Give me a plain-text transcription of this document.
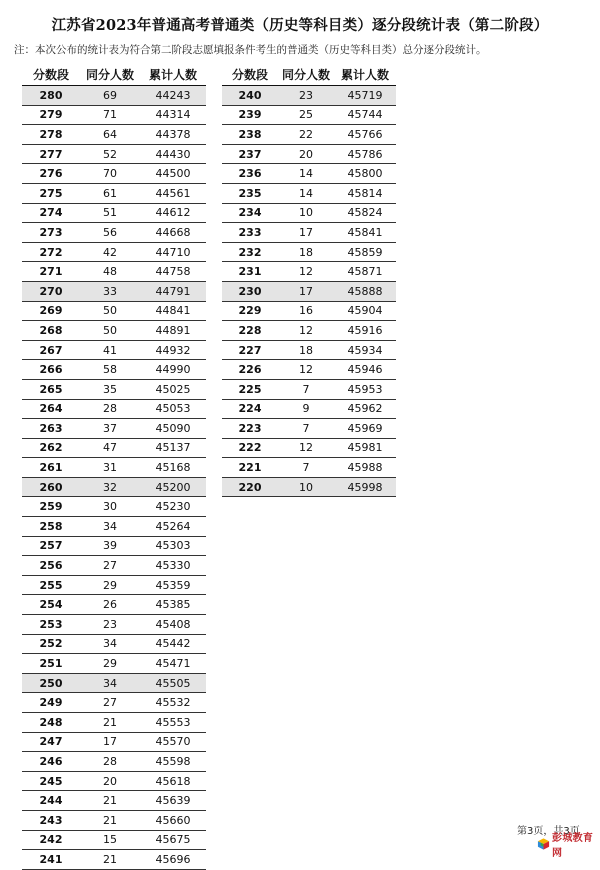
江苏省2023年普通高考普通类（历史等科目类）逐分段统计表（第二阶段）
注：本次公布的统计表为符合第二阶段志愿填报条件考生的普通类（历史等科目类）总分逐分段统计。
分数段	同分人数	累计人数
280	69	44243
279	71	44314
278	64	44378
277	52	44430
276	70	44500
275	61	44561
274	51	44612
273	56	44668
272	42	44710
271	48	44758
270	33	44791
269	50	44841
268	50	44891
267	41	44932
266	58	44990
265	35	45025
264	28	45053
263	37	45090
262	47	45137
261	31	45168
260	32	45200
259	30	45230
258	34	45264
257	39	45303
256	27	45330
255	29	45359
254	26	45385
253	23	45408
252	34	45442
251	29	45471
250	34	45505
249	27	45532
248	21	45553
247	17	45570
246	28	45598
245	20	45618
244	21	45639
243	21	45660
242	15	45675
241	21	45696
分数段	同分人数	累计人数
240	23	45719
239	25	45744
238	22	45766
237	20	45786
236	14	45800
235	14	45814
234	10	45824
233	17	45841
232	18	45859
231	12	45871
230	17	45888
229	16	45904
228	12	45916
227	18	45934
226	12	45946
225	7	45953
224	9	45962
223	7	45969
222	12	45981
221	7	45988
220	10	45998
第3页，共3页
彭城教育网
